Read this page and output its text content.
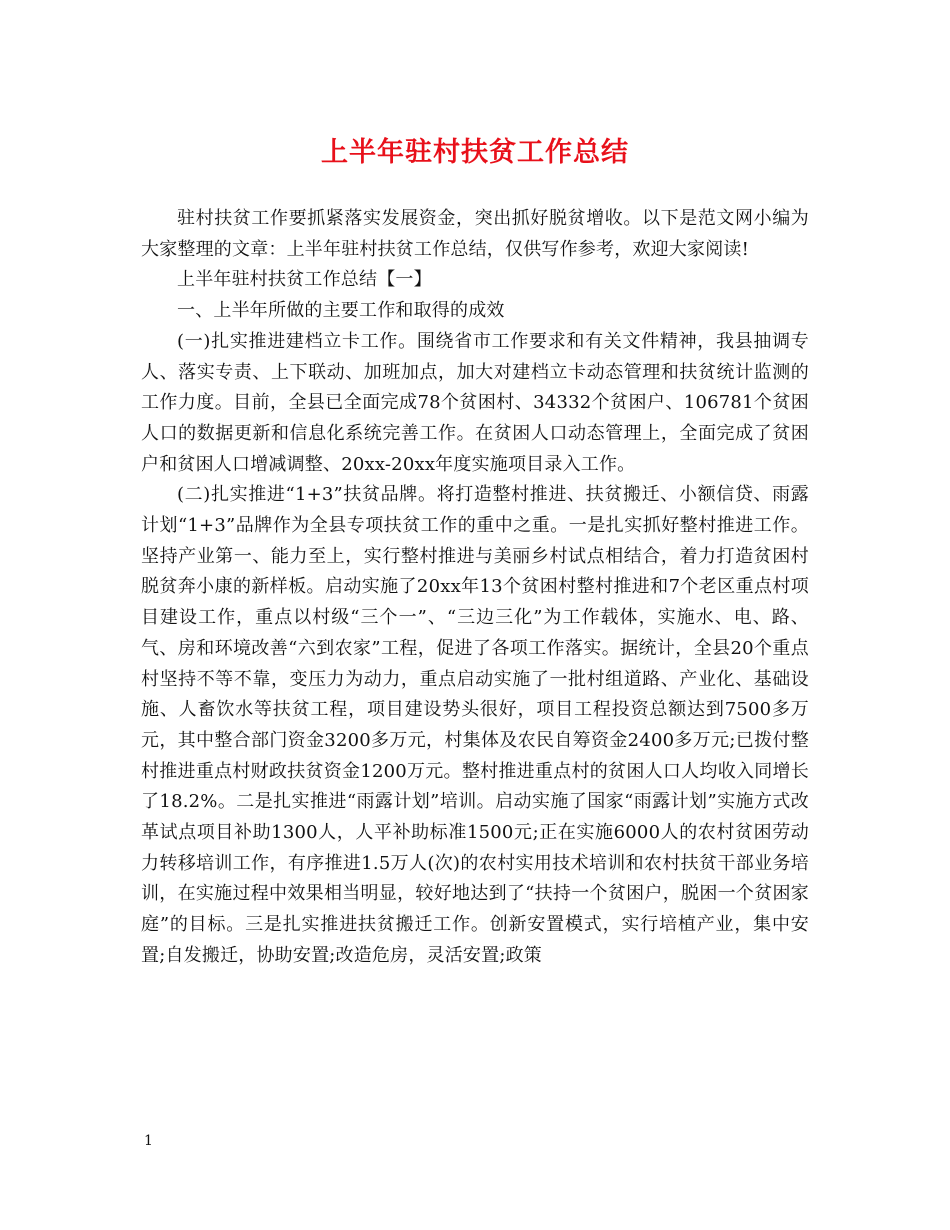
上半年驻村扶贫工作总结

驻村扶贫工作要抓紧落实发展资金，突出抓好脱贫增收。以下是范文网小编为大家整理的文章：上半年驻村扶贫工作总结，仅供写作参考，欢迎大家阅读!

上半年驻村扶贫工作总结【一】

一、上半年所做的主要工作和取得的成效

(一)扎实推进建档立卡工作。围绕省市工作要求和有关文件精神，我县抽调专人、落实专责、上下联动、加班加点，加大对建档立卡动态管理和扶贫统计监测的工作力度。目前，全县已全面完成78个贫困村、34332个贫困户、106781个贫困人口的数据更新和信息化系统完善工作。在贫困人口动态管理上，全面完成了贫困户和贫困人口增减调整、20xx-20xx年度实施项目录入工作。

(二)扎实推进“1+3”扶贫品牌。将打造整村推进、扶贫搬迁、小额信贷、雨露计划“1+3”品牌作为全县专项扶贫工作的重中之重。一是扎实抓好整村推进工作。坚持产业第一、能力至上，实行整村推进与美丽乡村试点相结合，着力打造贫困村脱贫奔小康的新样板。启动实施了20xx年13个贫困村整村推进和7个老区重点村项目建设工作，重点以村级“三个一”、“三边三化”为工作载体，实施水、电、路、气、房和环境改善“六到农家”工程，促进了各项工作落实。据统计，全县20个重点村坚持不等不靠，变压力为动力，重点启动实施了一批村组道路、产业化、基础设施、人畜饮水等扶贫工程，项目建设势头很好，项目工程投资总额达到7500多万元，其中整合部门资金3200多万元，村集体及农民自筹资金2400多万元;已拨付整村推进重点村财政扶贫资金1200万元。整村推进重点村的贫困人口人均收入同增长了18.2%。二是扎实推进“雨露计划”培训。启动实施了国家“雨露计划”实施方式改革试点项目补助1300人，人平补助标准1500元;正在实施6000人的农村贫困劳动力转移培训工作，有序推进1.5万人(次)的农村实用技术培训和农村扶贫干部业务培训，在实施过程中效果相当明显，较好地达到了“扶持一个贫困户，脱困一个贫困家庭”的目标。三是扎实推进扶贫搬迁工作。创新安置模式，实行培植产业，集中安置;自发搬迁，协助安置;改造危房，灵活安置;政策

1
